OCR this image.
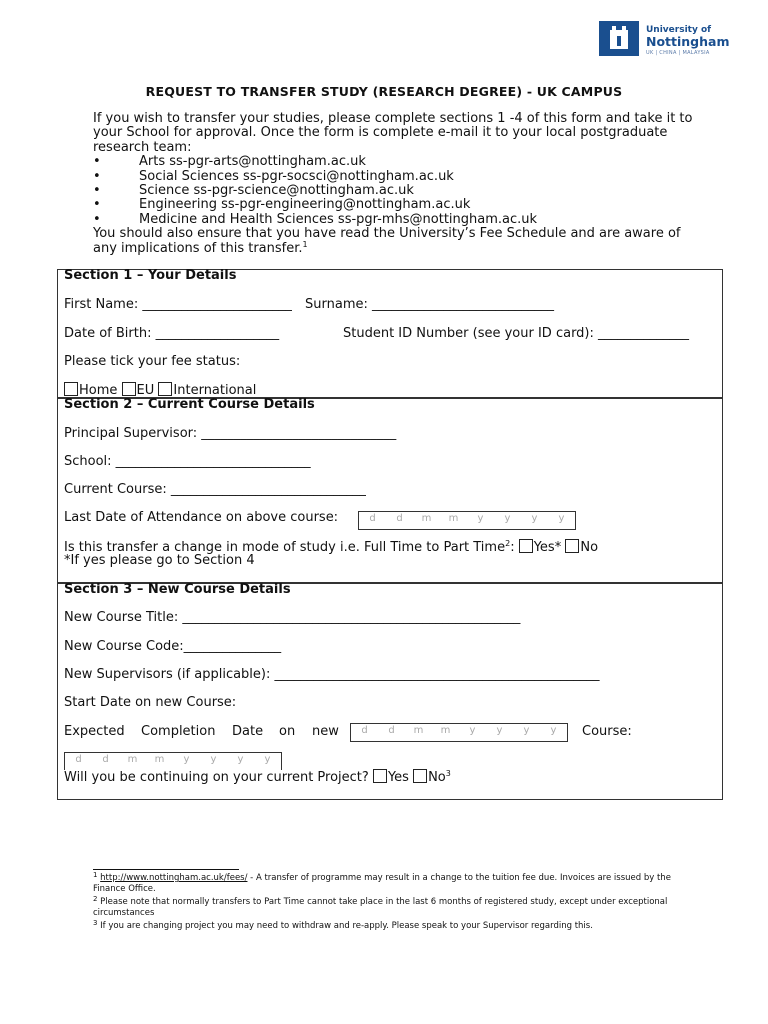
University of
Nottingham
UK | CHINA | MALAYSIA
REQUEST TO TRANSFER STUDY (RESEARCH DEGREE) - UK CAMPUS

If you wish to transfer your studies, please complete sections 1 -4 of this form and take it to your School for approval. Once the form is complete e-mail it to your local postgraduate research team:

• Arts ss-pgr-arts@nottingham.ac.uk
• Social Sciences ss-pgr-socsci@nottingham.ac.uk
• Science ss-pgr-science@nottingham.ac.uk
• Engineering ss-pgr-engineering@nottingham.ac.uk
• Medicine and Health Sciences ss-pgr-mhs@nottingham.ac.uk

You should also ensure that you have read the University’s Fee Schedule and are aware of any implications of this transfer.$^1$

Section 1 – Your Details
First Name: _______________________ Surname: ____________________________
Date of Birth: ___________________	Student ID Number (see your ID card): ______________
Please tick your fee status:
Home EU International
Section 2 – Current Course Details
Principal Supervisor: ______________________________
School: ______________________________
Current Course: ______________________________
Last Date of Attendance on above course:	d	d	m	m	y	y	y	y
Is this transfer a change in mode of study i.e. Full Time to Part Time$^2$: Yes* No
*If yes please go to Section 4
Section 3 – New Course Details
New Course Title: ____________________________________________________
New Course Code:_______________
New Supervisors (if applicable): __________________________________________________
Start Date on new Course:
Expected Completion Date on new	d	d	m	m	y	y	y	y	Course:
d	d	m	m	y	y	y	y
Will you be continuing on your current Project? Yes No$^3$
$^1$ http://www.nottingham.ac.uk/fees/ - A transfer of programme may result in a change to the tuition fee due. Invoices are issued by the Finance Office.
$^2$ Please note that normally transfers to Part Time cannot take place in the last 6 months of registered study, except under exceptional circumstances
$^3$ If you are changing project you may need to withdraw and re-apply. Please speak to your Supervisor regarding this.
